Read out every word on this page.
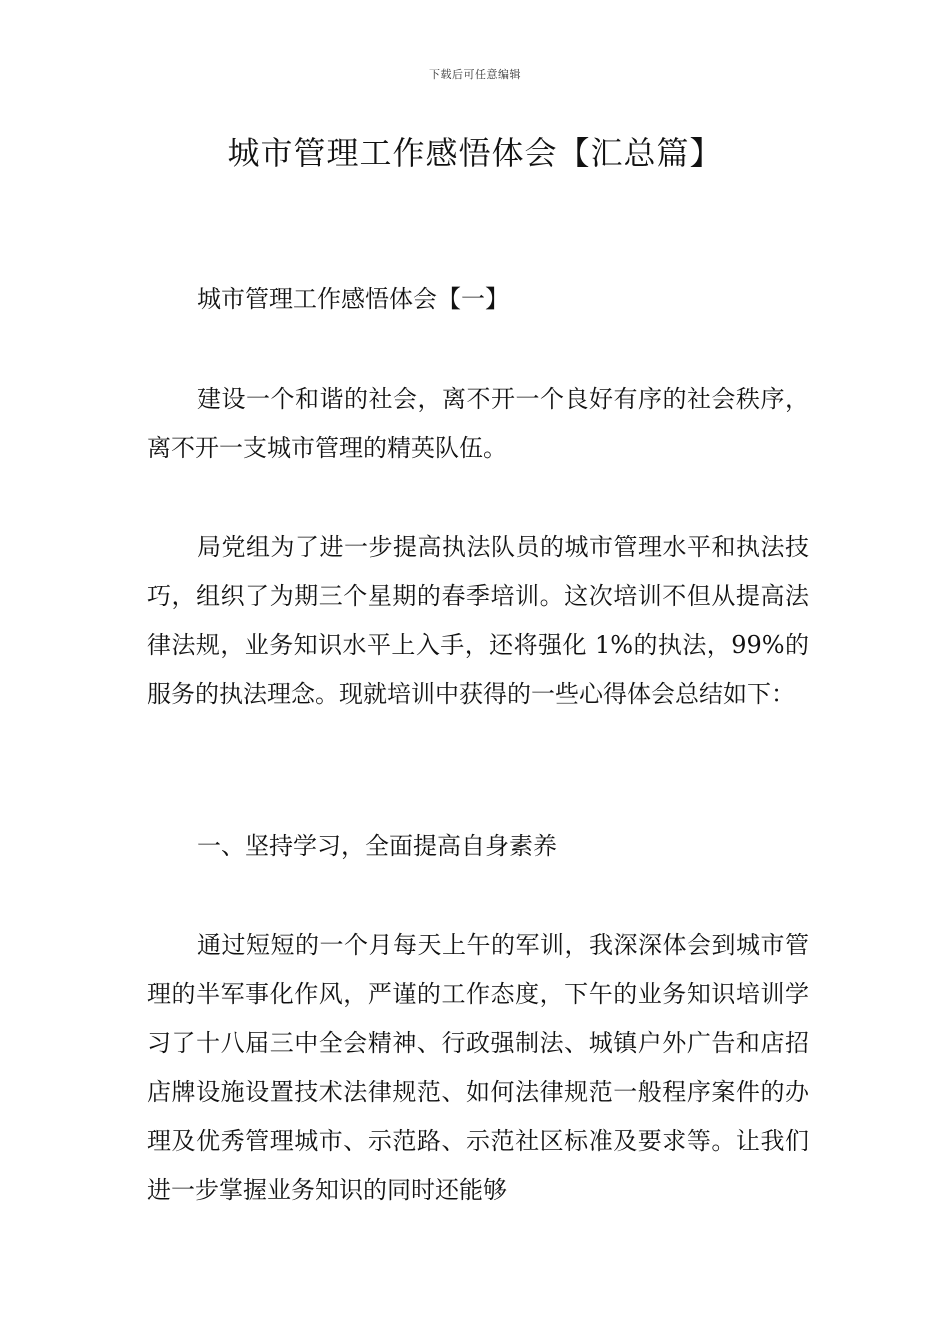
下载后可任意编辑
城市管理工作感悟体会【汇总篇】

城市管理工作感悟体会【一】

建设一个和谐的社会，离不开一个良好有序的社会秩序，离不开一支城市管理的精英队伍。

局党组为了进一步提高执法队员的城市管理水平和执法技巧，组织了为期三个星期的春季培训。这次培训不但从提高法律法规，业务知识水平上入手，还将强化 1%的执法，99%的服务的执法理念。现就培训中获得的一些心得体会总结如下：

一、坚持学习，全面提高自身素养

通过短短的一个月每天上午的军训，我深深体会到城市管理的半军事化作风，严谨的工作态度，下午的业务知识培训学习了十八届三中全会精神、行政强制法、城镇户外广告和店招店牌设施设置技术法律规范、如何法律规范一般程序案件的办理及优秀管理城市、示范路、示范社区标准及要求等。让我们进一步掌握业务知识的同时还能够
